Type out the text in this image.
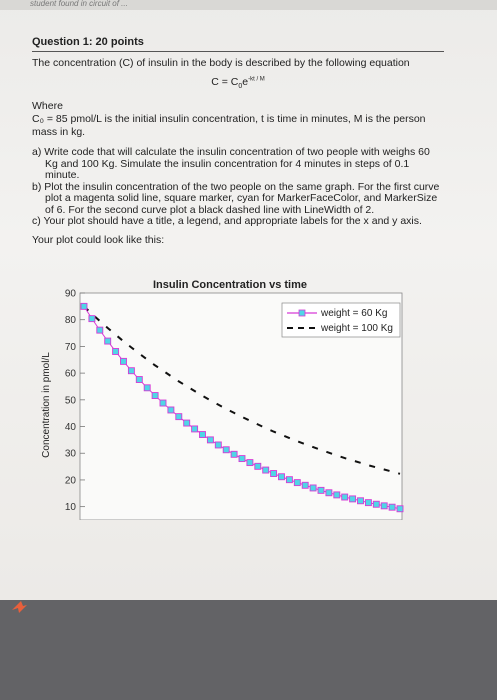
student found in circuit of ...
Question 1: 20 points

The concentration (C) of insulin in the body is described by the following equation

$C = C_0e^{-kt / M}$

Where

C₀ = 85 pmol/L is the initial insulin concentration, t is time in minutes, M is the person mass in kg.

a) Write code that will calculate the insulin concentration of two people with weighs 60 Kg and 100 Kg. Simulate the insulin concentration for 4 minutes in steps of 0.1 minute.
b) Plot the insulin concentration of the two people on the same graph. For the first curve plot a magenta solid line, square marker, cyan for MarkerFaceColor, and MarkerSize of 6. For the second curve plot a black dashed line with LineWidth of 2.
c) Your plot should have a title, a legend, and appropriate labels for the x and y axis.

Your plot could look like this:

Insulin Concentration vs time
Concentration in pmol/L
90
80
70
60
50
40
30
20
10
weight = 60 Kg
weight = 100 Kg
